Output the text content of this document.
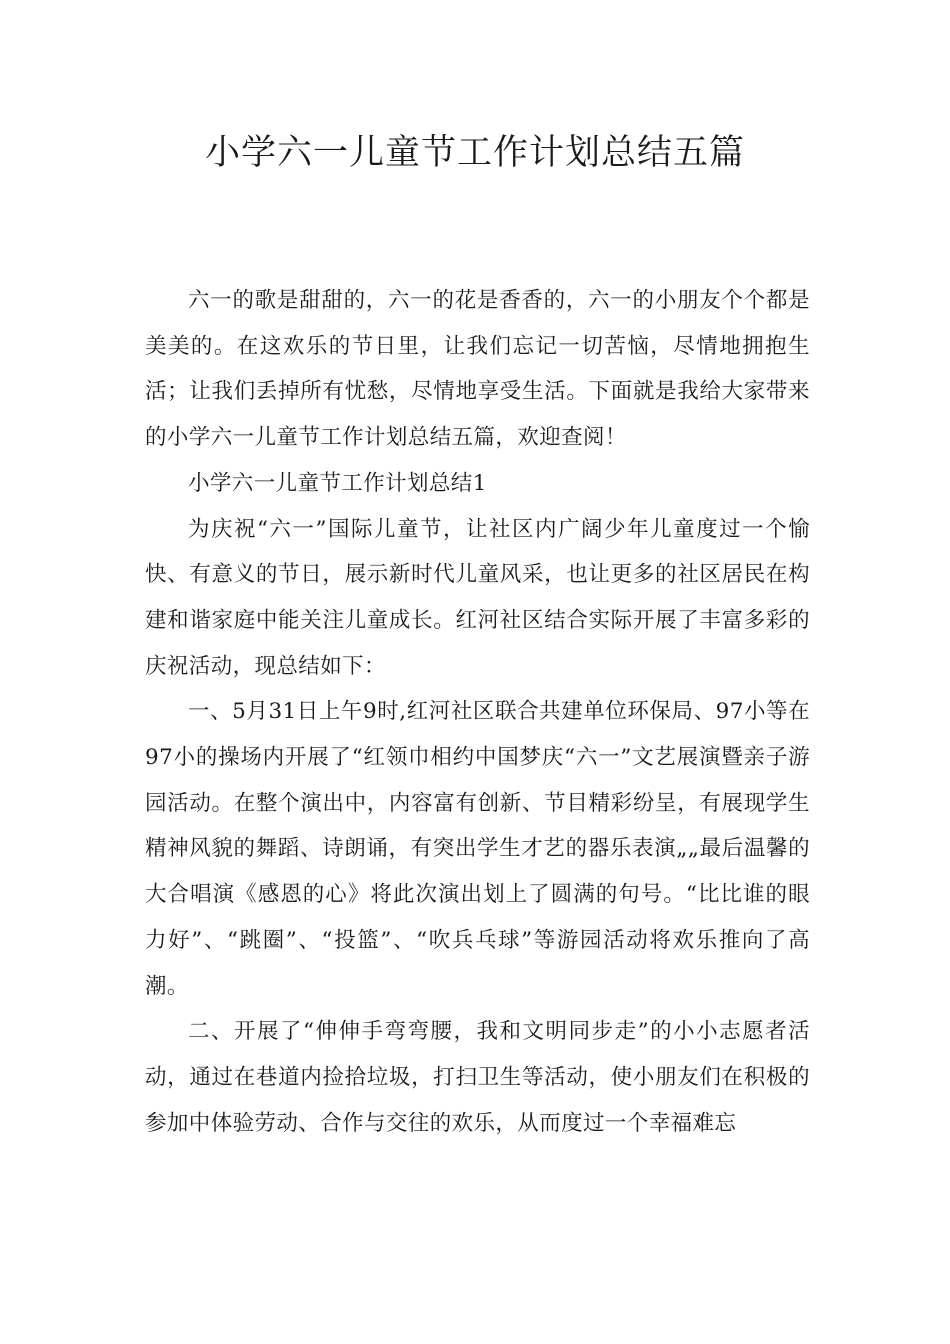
小学六一儿童节工作计划总结五篇

六一的歌是甜甜的，六一的花是香香的，六一的小朋友个个都是美美的。在这欢乐的节日里，让我们忘记一切苦恼，尽情地拥抱生活；让我们丢掉所有忧愁，尽情地享受生活。下面就是我给大家带来的小学六一儿童节工作计划总结五篇，欢迎查阅！

小学六一儿童节工作计划总结1

为庆祝“六一”国际儿童节，让社区内广阔少年儿童度过一个愉快、有意义的节日，展示新时代儿童风采，也让更多的社区居民在构建和谐家庭中能关注儿童成长。红河社区结合实际开展了丰富多彩的庆祝活动，现总结如下：

一、5月31日上午9时,红河社区联合共建单位环保局、97小等在97小的操场内开展了“红领巾相约中国梦庆“六一”文艺展演暨亲子游园活动。在整个演出中，内容富有创新、节目精彩纷呈，有展现学生精神风貌的舞蹈、诗朗诵，有突出学生才艺的器乐表演„„最后温馨的大合唱演《感恩的心》将此次演出划上了圆满的句号。“比比谁的眼力好”、“跳圈”、“投篮”、“吹兵乓球”等游园活动将欢乐推向了高潮。

二、开展了“伸伸手弯弯腰，我和文明同步走”的小小志愿者活动，通过在巷道内捡拾垃圾，打扫卫生等活动，使小朋友们在积极的参加中体验劳动、合作与交往的欢乐，从而度过一个幸福难忘
